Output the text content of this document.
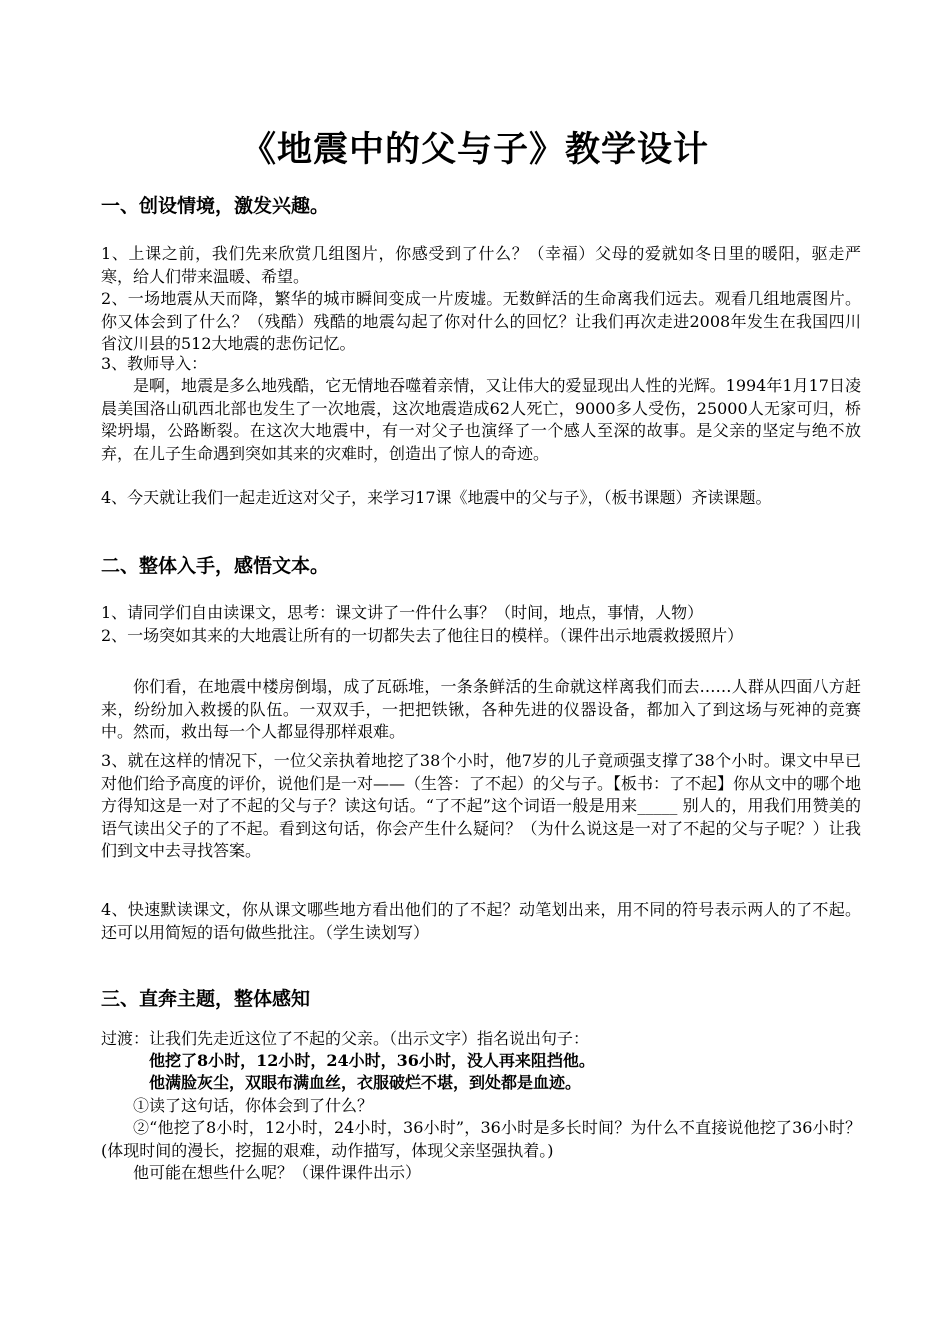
《地震中的父与子》教学设计
一、创设情境，激发兴趣。
1、上课之前，我们先来欣赏几组图片，你感受到了什么？（幸福）父母的爱就如冬日里的暖阳，驱走严寒，给人们带来温暖、希望。
2、一场地震从天而降，繁华的城市瞬间变成一片废墟。无数鲜活的生命离我们远去。观看几组地震图片。你又体会到了什么？（残酷）残酷的地震勾起了你对什么的回忆？让我们再次走进2008年发生在我国四川省汶川县的512大地震的悲伤记忆。
3、教师导入：
是啊，地震是多么地残酷，它无情地吞噬着亲情，又让伟大的爱显现出人性的光辉。1994年1月17日凌晨美国洛山矶西北部也发生了一次地震，这次地震造成62人死亡，9000多人受伤，25000人无家可归，桥梁坍塌，公路断裂。在这次大地震中，有一对父子也演绎了一个感人至深的故事。是父亲的坚定与绝不放弃，在儿子生命遇到突如其来的灾难时，创造出了惊人的奇迹。
4、今天就让我们一起走近这对父子，来学习17课《地震中的父与子》，（板书课题）齐读课题。
二、整体入手，感悟文本。
1、请同学们自由读课文，思考：课文讲了一件什么事？（时间，地点，事情，人物）
2、一场突如其来的大地震让所有的一切都失去了他往日的模样。（课件出示地震救援照片）
你们看，在地震中楼房倒塌，成了瓦砾堆，一条条鲜活的生命就这样离我们而去……人群从四面八方赶来，纷纷加入救援的队伍。一双双手，一把把铁锹，各种先进的仪器设备，都加入了到这场与死神的竞赛中。然而，救出每一个人都显得那样艰难。
3、就在这样的情况下，一位父亲执着地挖了38个小时，他7岁的儿子竟顽强支撑了38个小时。课文中早已对他们给予高度的评价，说他们是一对——（生答：了不起）的父与子。【板书：了不起】你从文中的哪个地方得知这是一对了不起的父与子？读这句话。“了不起”这个词语一般是用来_____ 别人的，用我们用赞美的语气读出父子的了不起。看到这句话，你会产生什么疑问？（为什么说这是一对了不起的父与子呢？）让我们到文中去寻找答案。
4、快速默读课文，你从课文哪些地方看出他们的了不起？动笔划出来，用不同的符号表示两人的了不起。还可以用简短的语句做些批注。（学生读划写）
三、直奔主题，整体感知
过渡：让我们先走近这位了不起的父亲。（出示文字）指名说出句子：
他挖了8小时，12小时，24小时，36小时，没人再来阻挡他。
他满脸灰尘，双眼布满血丝，衣服破烂不堪，到处都是血迹。
①读了这句话，你体会到了什么？
②“他挖了8小时，12小时，24小时，36小时”，36小时是多长时间？为什么不直接说他挖了36小时？(体现时间的漫长，挖掘的艰难，动作描写，体现父亲坚强执着。)
他可能在想些什么呢？（课件课件出示）
